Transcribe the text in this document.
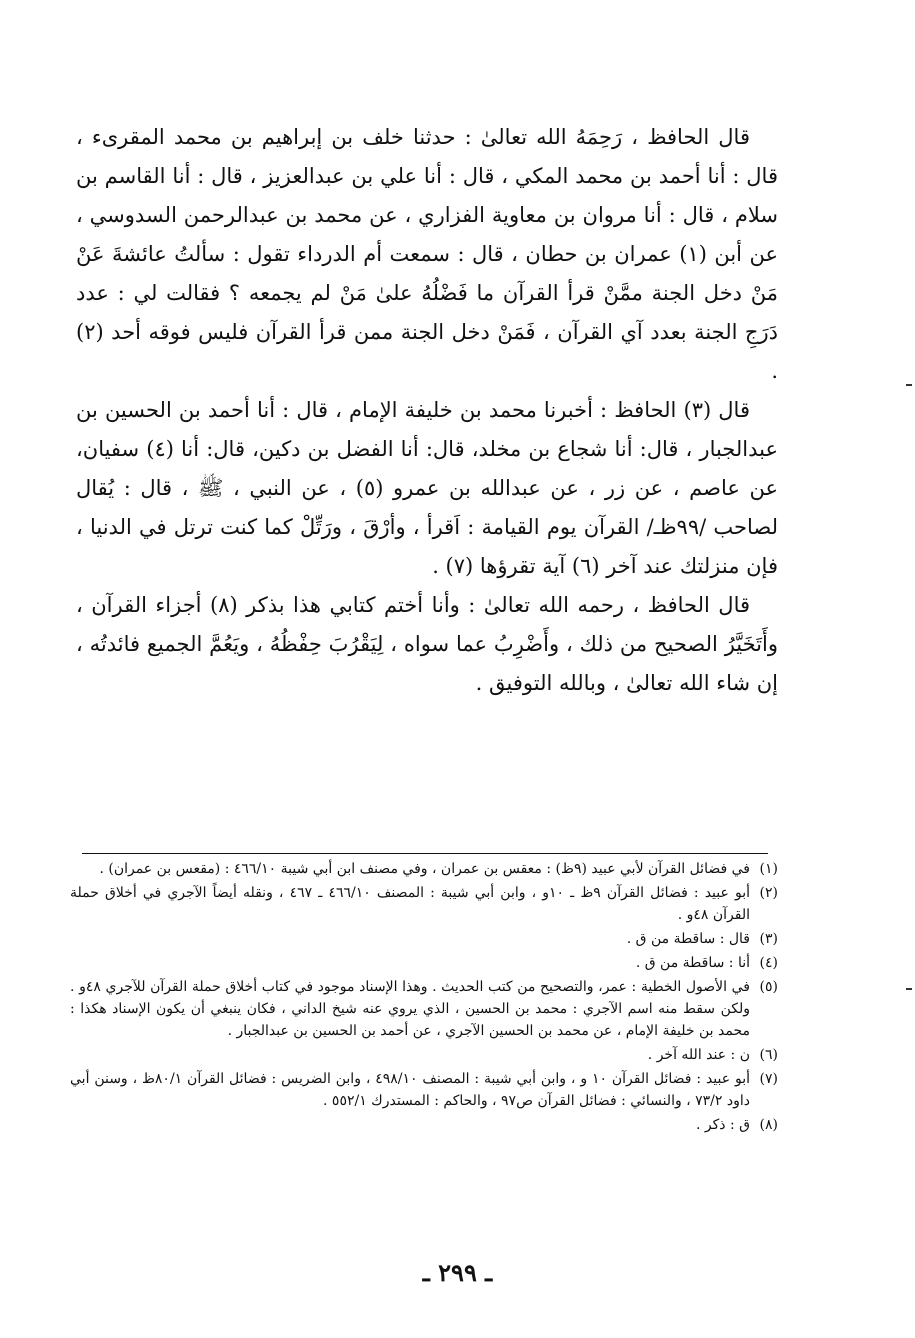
قال الحافظ ، رَحِمَهُ الله تعالىٰ : حدثنا خلف بن إبراهيم بن محمد المقرىء ، قال : أنا أحمد بن محمد المكي ، قال : أنا علي بن عبدالعزيز ، قال : أنا القاسم بن سلام ، قال : أنا مروان بن معاوية الفزاري ، عن محمد بن عبدالرحمن السدوسي ، عن أبن (١) عمران بن حطان ، قال : سمعت أم الدرداء تقول : سألتُ عائشةَ عَنْ مَنْ دخل الجنة ممَّنْ قرأ القرآن ما فَضْلُهُ علىٰ مَنْ لم يجمعه ؟ فقالت لي : عدد دَرَجِ الجنة بعدد آي القرآن ، فَمَنْ دخل الجنة ممن قرأ القرآن فليس فوقه أحد (٢) .

قال (٣) الحافظ : أخبرنا محمد بن خليفة الإمام ، قال : أنا أحمد بن الحسين بن عبدالجبار ، قال: أنا شجاع بن مخلد، قال: أنا الفضل بن دكين، قال: أنا (٤) سفيان، عن عاصم ، عن زر ، عن عبدالله بن عمرو (٥) ، عن النبي ، ﷺ ، قال : يُقال لصاحب /٩٩ظـ/ القرآن يوم القيامة : اَقرأ ، وأرْقَ ، ورَتِّلْ كما كنت ترتل في الدنيا ، فإن منزلتك عند آخر (٦) آية تقرؤها (٧) .

قال الحافظ ، رحمه الله تعالىٰ : وأنا أختم كتابي هذا بذكر (٨) أجزاء القرآن ، وأَتَخَيَّرُ الصحيح من ذلك ، وأَضْرِبُ عما سواه ، لِيَقْرُبَ حِفْظُهُ ، ويَعُمَّ الجميع فائدتُه ، إن شاء الله تعالىٰ ، وبالله التوفيق .

(١)
في فضائل القرآن لأبي عبيد (٩ظ) : معقس بن عمران ، وفي مصنف ابن أبي شيبة ٤٦٦/١٠ : (مقعس بن عمران) .
(٢)
أبو عبيد : فضائل القرآن ٩ظ ـ ١٠و ، وابن أبي شيبة : المصنف ٤٦٦/١٠ ـ ٤٦٧ ، ونقله أيضاً الآجري في أخلاق حملة القرآن ٤٨و .
(٣)
قال : ساقطة من ق .
(٤)
أنا : ساقطة من ق .
(٥)
في الأصول الخطية : عمر، والتصحيح من كتب الحديث . وهذا الإسناد موجود في كتاب أخلاق حملة القرآن للآجري ٤٨و . ولكن سقط منه اسم الآجري : محمد بن الحسين ، الذي يروي عنه شيخ الداني ، فكان ينبغي أن يكون الإسناد هكذا : محمد بن خليفة الإمام ، عن محمد بن الحسين الآجري ، عن أحمد بن الحسين بن عبدالجبار .
(٦)
ن : عند الله آخر .
(٧)
أبو عبيد : فضائل القرآن ١٠ و ، وابن أبي شيبة : المصنف ٤٩٨/١٠ ، وابن الضريس : فضائل القرآن ٨٠/١ظ ، وسنن أبي داود ٧٣/٢ ، والنسائي : فضائل القرآن ص٩٧ ، والحاكم : المستدرك ٥٥٢/١ .
(٨)
ق : ذكر .
ـ ٢٩٩ ـ
